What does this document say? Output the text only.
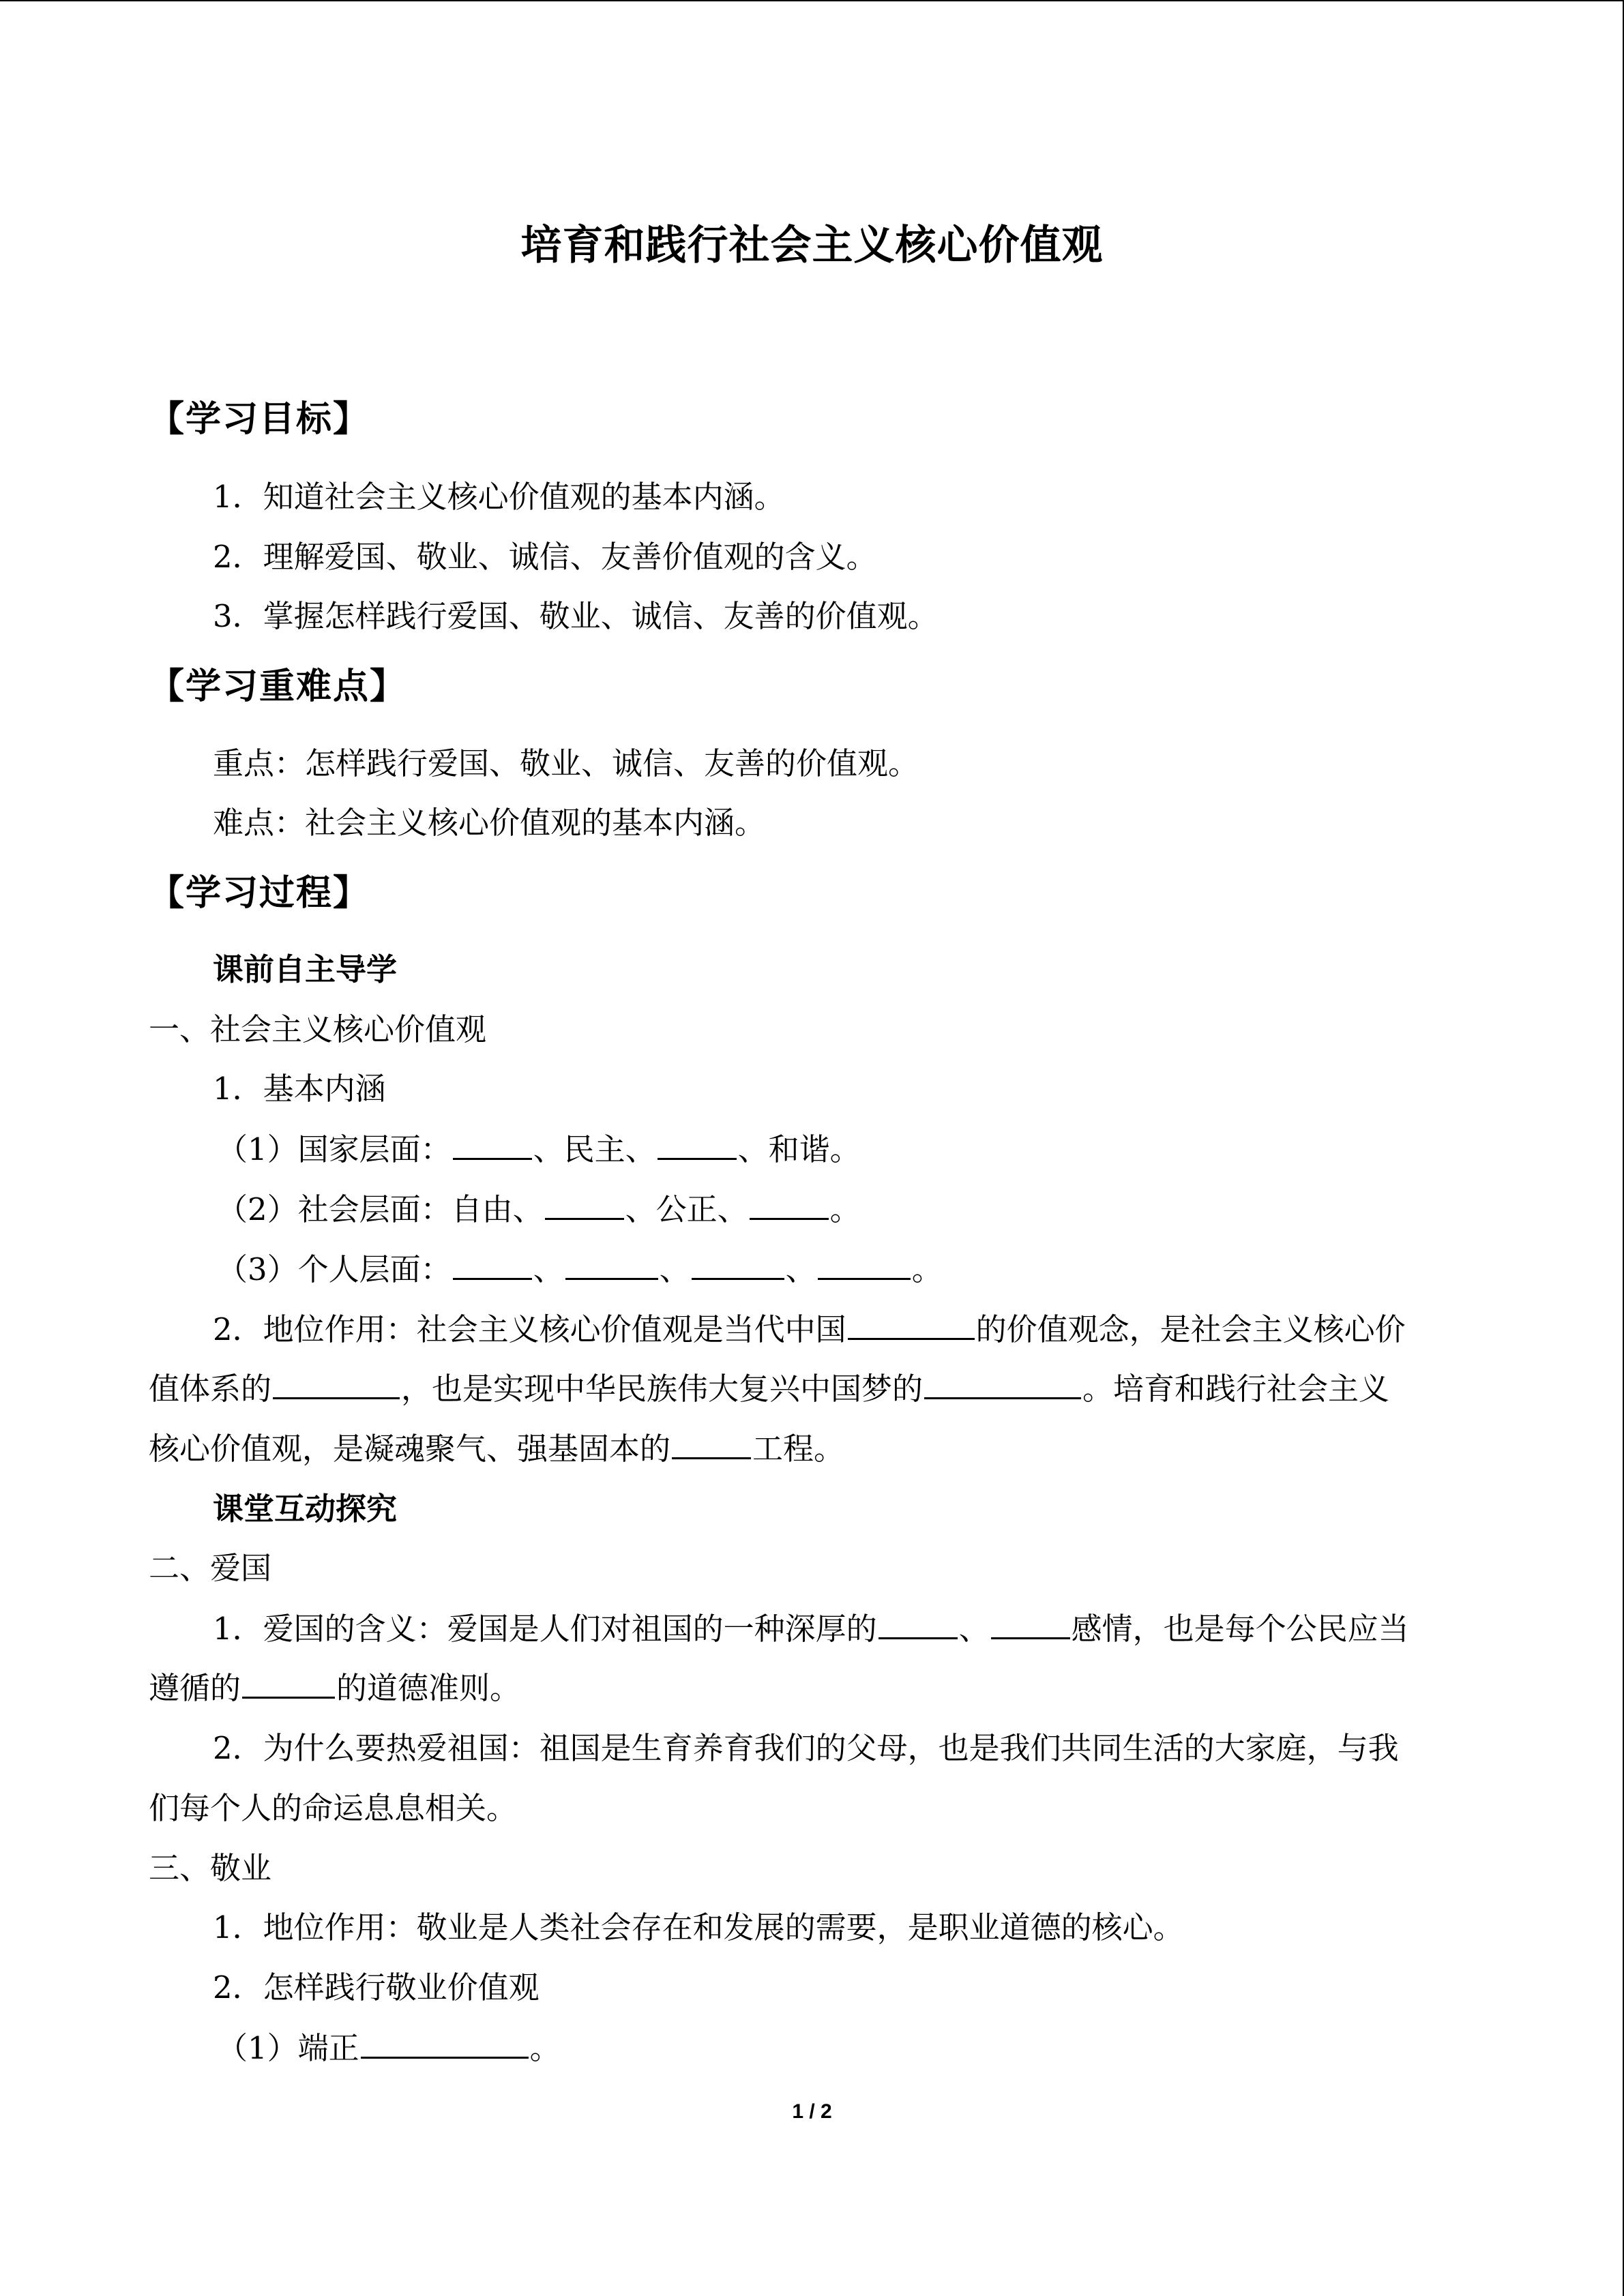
培育和践行社会主义核心价值观
【学习目标】
1．知道社会主义核心价值观的基本内涵。
2．理解爱国、敬业、诚信、友善价值观的含义。
3．掌握怎样践行爱国、敬业、诚信、友善的价值观。
【学习重难点】
重点：怎样践行爱国、敬业、诚信、友善的价值观。
难点：社会主义核心价值观的基本内涵。
【学习过程】
课前自主导学
一、社会主义核心价值观
1．基本内涵
（1）国家层面：	、民主、	、和谐。
（2）社会层面：自由、	、公正、	。
（3）个人层面：	、	、	、	。
2．地位作用：社会主义核心价值观是当代中国	的价值观念，是社会主义核心价
值体系的	，也是实现中华民族伟大复兴中国梦的	。培育和践行社会主义
核心价值观，是凝魂聚气、强基固本的	工程。
课堂互动探究
二、爱国
1．爱国的含义：爱国是人们对祖国的一种深厚的	、	感情，也是每个公民应当
遵循的	的道德准则。
2．为什么要热爱祖国：祖国是生育养育我们的父母，也是我们共同生活的大家庭，与我
们每个人的命运息息相关。
三、敬业
1．地位作用：敬业是人类社会存在和发展的需要，是职业道德的核心。
2．怎样践行敬业价值观
（1）端正	。
1 / 2
